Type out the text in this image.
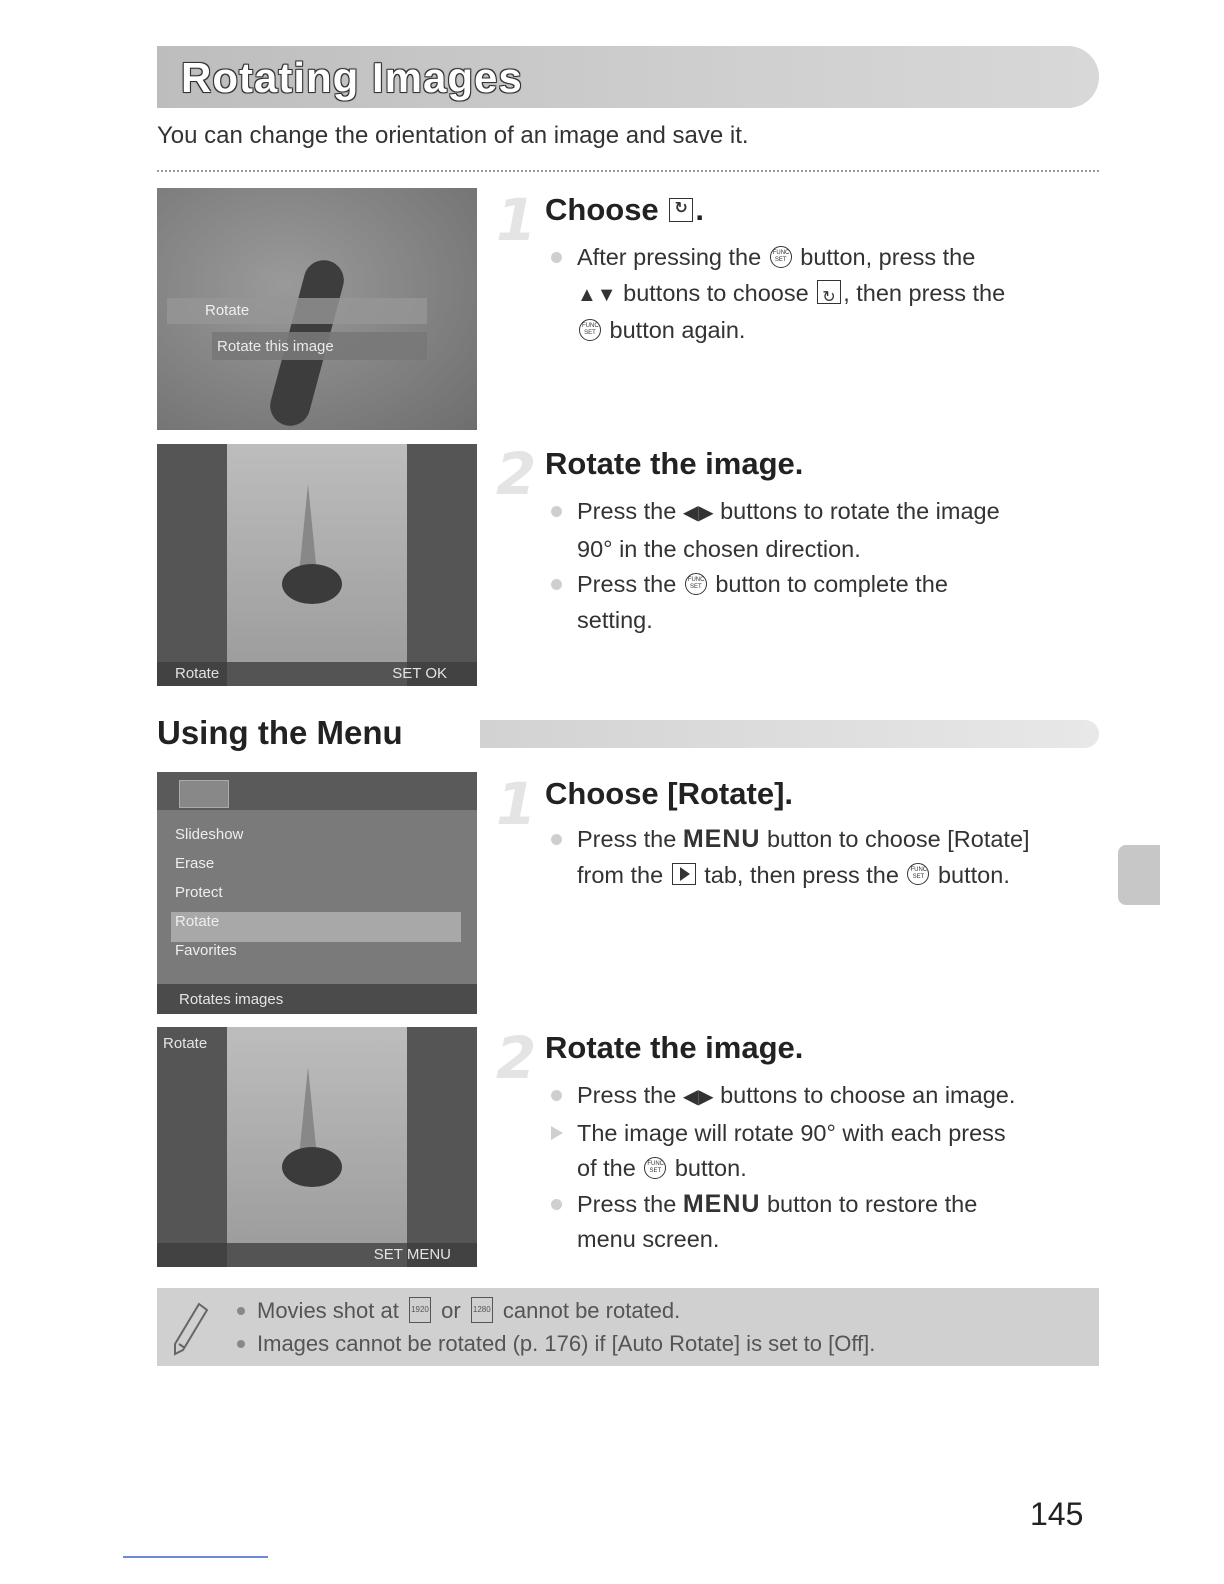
Rotating Images
You can change the orientation of an image and save it.
Rotate
Rotate this image
Rotate	SET OK
1 Choose ↻ .
After pressing the FUNC SET button, press the
▲▼ buttons to choose ↻ , then press the
FUNC SET button again.
2 Rotate the image.
Press the ◀▶ buttons to rotate the image
90° in the chosen direction.
Press the FUNC SET button to complete the
setting.
Using the Menu
Slideshow
Erase
Protect
Rotate
Favorites
Rotates images
Rotate
SET MENU
1 Choose [Rotate].
Press the MENU button to choose [Rotate]
from the tab, then press the FUNC SET button.
2 Rotate the image.
Press the ◀▶ buttons to choose an image.
The image will rotate 90° with each press
of the FUNC SET button.
Press the MENU button to restore the
menu screen.
Movies shot at 1920 or 1280 cannot be rotated.
Images cannot be rotated (p. 176) if [Auto Rotate] is set to [Off].
145
